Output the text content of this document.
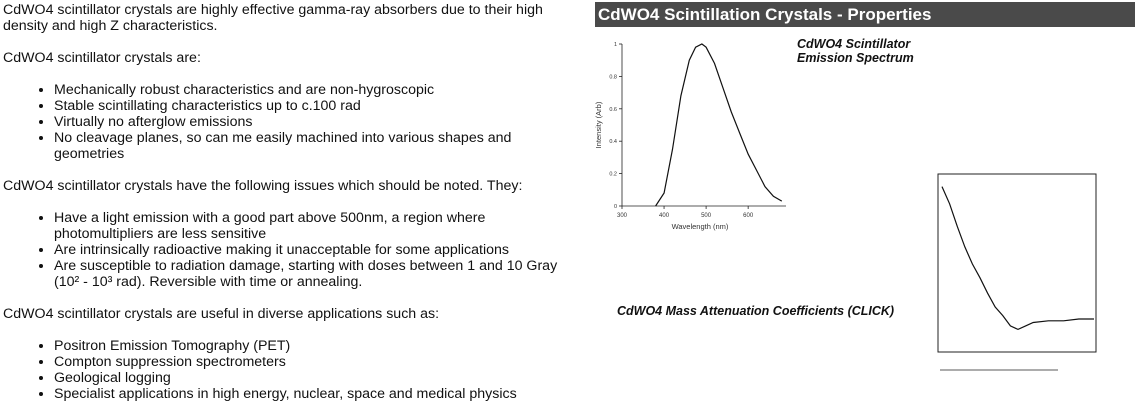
CdWO4 scintillator crystals are highly effective gamma-ray absorbers due to their high density and high Z characteristics.

CdWO4 scintillator crystals are:

• Mechanically robust characteristics and are non-hygroscopic
• Stable scintillating characteristics up to c.100 rad
• Virtually no afterglow emissions
• No cleavage planes, so can me easily machined into various shapes and geometries

CdWO4 scintillator crystals have the following issues which should be noted. They:

• Have a light emission with a good part above 500nm, a region where photomultipliers are less sensitive
• Are intrinsically radioactive making it unacceptable for some applications
• Are susceptible to radiation damage, starting with doses between 1 and 10 Gray (10² - 10³ rad). Reversible with time or annealing.

CdWO4 scintillator crystals are useful in diverse applications such as:

• Positron Emission Tomography (PET)
• Compton suppression spectrometers
• Geological logging
• Specialist applications in high energy, nuclear, space and medical physics
CdWO4 Scintillation Crystals - Properties
Wavelength (nm)
Intensity (Arb)
300	400	500	600
0
0.2
0.4
0.6
0.8
1	CdWO4 Scintillator Emission Spectrum
CdWO4 Mass Attenuation Coefficients (CLICK)
